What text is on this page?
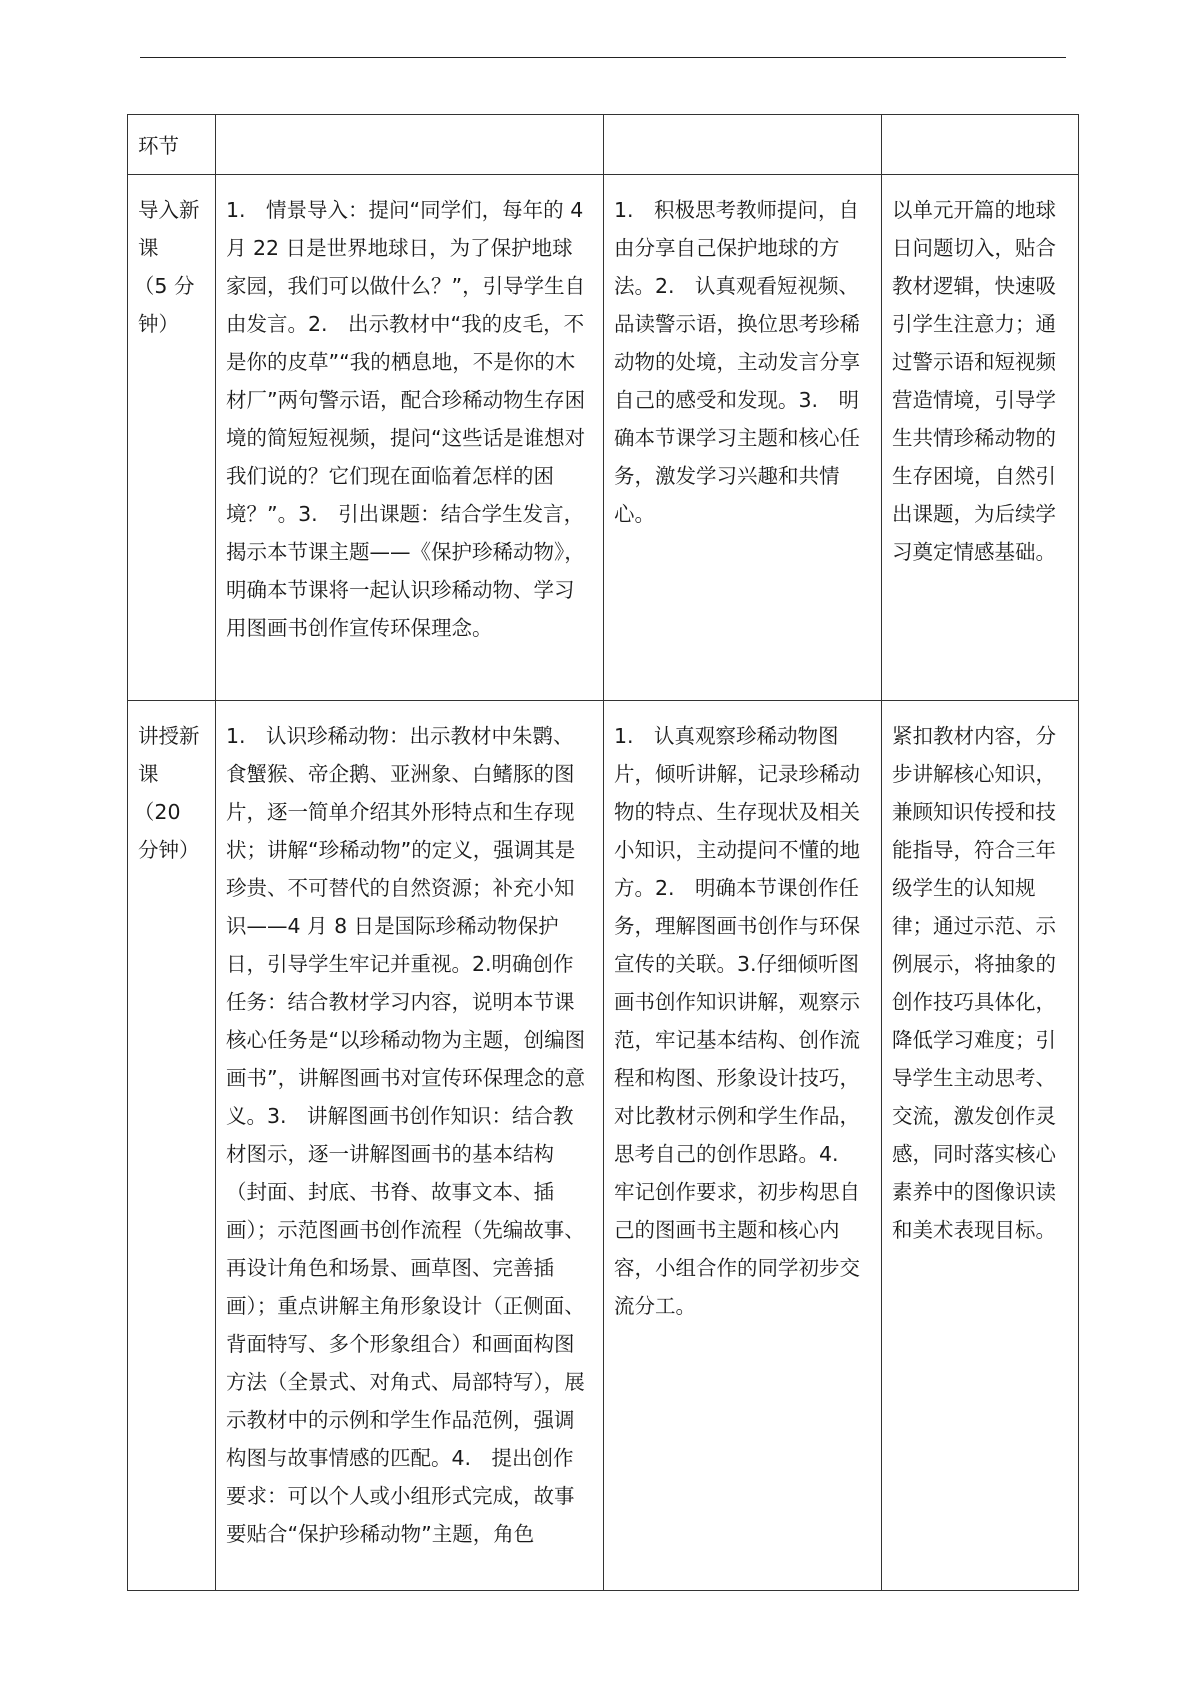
环节			

导入新课
（5 分钟）	1.　情景导入：提问“同学们，每年的 4 月 22 日是世界地球日，为了保护地球家园，我们可以做什么？”，引导学生自由发言。2.　出示教材中“我的皮毛，不是你的皮草”“我的栖息地，不是你的木材厂”两句警示语，配合珍稀动物生存困境的简短短视频，提问“这些话是谁想对我们说的？它们现在面临着怎样的困境？”。3.　引出课题：结合学生发言，揭示本节课主题——《保护珍稀动物》，明确本节课将一起认识珍稀动物、学习用图画书创作宣传环保理念。	1.　积极思考教师提问，自由分享自己保护地球的方法。2.　认真观看短视频、品读警示语，换位思考珍稀动物的处境，主动发言分享自己的感受和发现。3.　明确本节课学习主题和核心任务，激发学习兴趣和共情心。	以单元开篇的地球日问题切入，贴合教材逻辑，快速吸引学生注意力；通过警示语和短视频营造情境，引导学生共情珍稀动物的生存困境，自然引出课题，为后续学习奠定情感基础。

讲授新课
（20 分钟）	1.　认识珍稀动物：出示教材中朱鹮、食蟹猴、帝企鹅、亚洲象、白鳍豚的图片，逐一简单介绍其外形特点和生存现状；讲解“珍稀动物”的定义，强调其是珍贵、不可替代的自然资源；补充小知识——4 月 8 日是国际珍稀动物保护日，引导学生牢记并重视。2.明确创作任务：结合教材学习内容，说明本节课核心任务是“以珍稀动物为主题，创编图画书”，讲解图画书对宣传环保理念的意义。3.　讲解图画书创作知识：结合教材图示，逐一讲解图画书的基本结构（封面、封底、书脊、故事文本、插画）；示范图画书创作流程（先编故事、再设计角色和场景、画草图、完善插画）；重点讲解主角形象设计（正侧面、背面特写、多个形象组合）和画面构图方法（全景式、对角式、局部特写），展示教材中的示例和学生作品范例，强调构图与故事情感的匹配。4.　提出创作要求：可以个人或小组形式完成，故事要贴合“保护珍稀动物”主题，角色	1.　认真观察珍稀动物图片，倾听讲解，记录珍稀动物的特点、生存现状及相关小知识，主动提问不懂的地方。2.　明确本节课创作任务，理解图画书创作与环保宣传的关联。3.仔细倾听图画书创作知识讲解，观察示范，牢记基本结构、创作流程和构图、形象设计技巧，对比教材示例和学生作品，思考自己的创作思路。4.　牢记创作要求，初步构思自己的图画书主题和核心内容，小组合作的同学初步交流分工。	紧扣教材内容，分步讲解核心知识，兼顾知识传授和技能指导，符合三年级学生的认知规律；通过示范、示例展示，将抽象的创作技巧具体化，降低学习难度；引导学生主动思考、交流，激发创作灵感，同时落实核心素养中的图像识读和美术表现目标。
